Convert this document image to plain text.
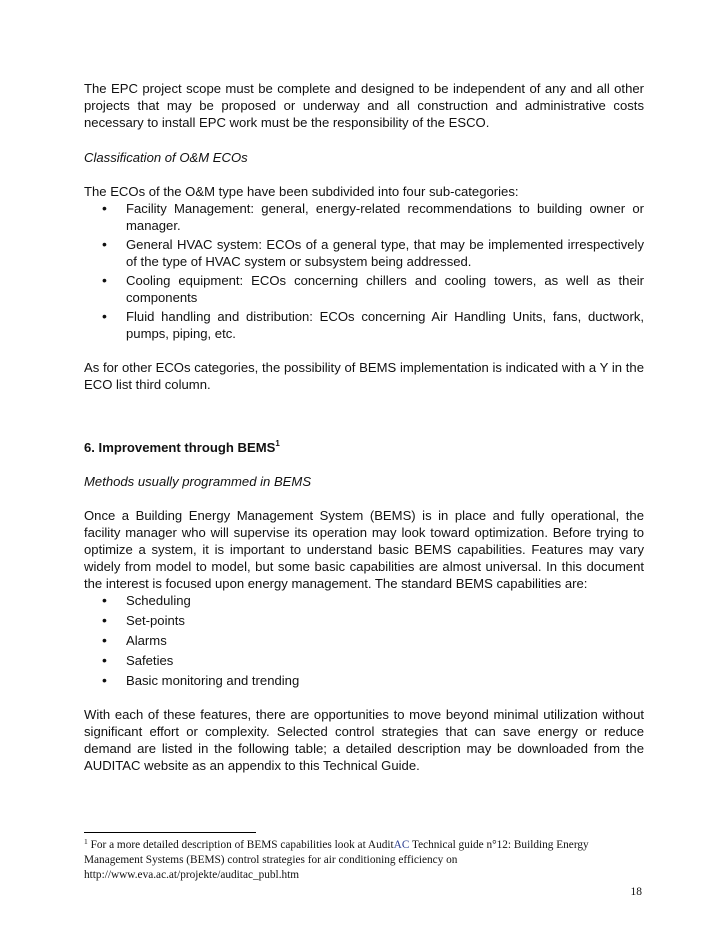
The EPC project scope must be complete and designed to be independent of any and all other projects that may be proposed or underway and all construction and administrative costs necessary to install EPC work must be the responsibility of the ESCO.

Classification of O&M ECOs

The ECOs of the O&M type have been subdivided into four sub-categories:

• Facility Management: general, energy-related recommendations to building owner or manager.
• General HVAC system: ECOs of a general type, that may be implemented irrespectively of the type of HVAC system or subsystem being addressed.
• Cooling equipment: ECOs concerning chillers and cooling towers, as well as their components
• Fluid handling and distribution: ECOs concerning Air Handling Units, fans, ductwork, pumps, piping, etc.

As for other ECOs categories, the possibility of BEMS implementation is indicated with a Y in the ECO list third column.

6. Improvement through BEMS$^1$

Methods usually programmed in BEMS

Once a Building Energy Management System (BEMS) is in place and fully operational, the facility manager who will supervise its operation may look toward optimization. Before trying to optimize a system, it is important to understand basic BEMS capabilities. Features may vary widely from model to model, but some basic capabilities are almost universal. In this document the interest is focused upon energy management. The standard BEMS capabilities are:

• Scheduling
• Set-points
• Alarms
• Safeties
• Basic monitoring and trending

With each of these features, there are opportunities to move beyond minimal utilization without significant effort or complexity. Selected control strategies that can save energy or reduce demand are listed in the following table; a detailed description may be downloaded from the AUDITAC website as an appendix to this Technical Guide.

$^1$ For a more detailed description of BEMS capabilities look at AuditAC Technical guide n°12: Building Energy Management Systems (BEMS) control strategies for air conditioning efficiency on
http://www.eva.ac.at/projekte/auditac_publ.htm
18
